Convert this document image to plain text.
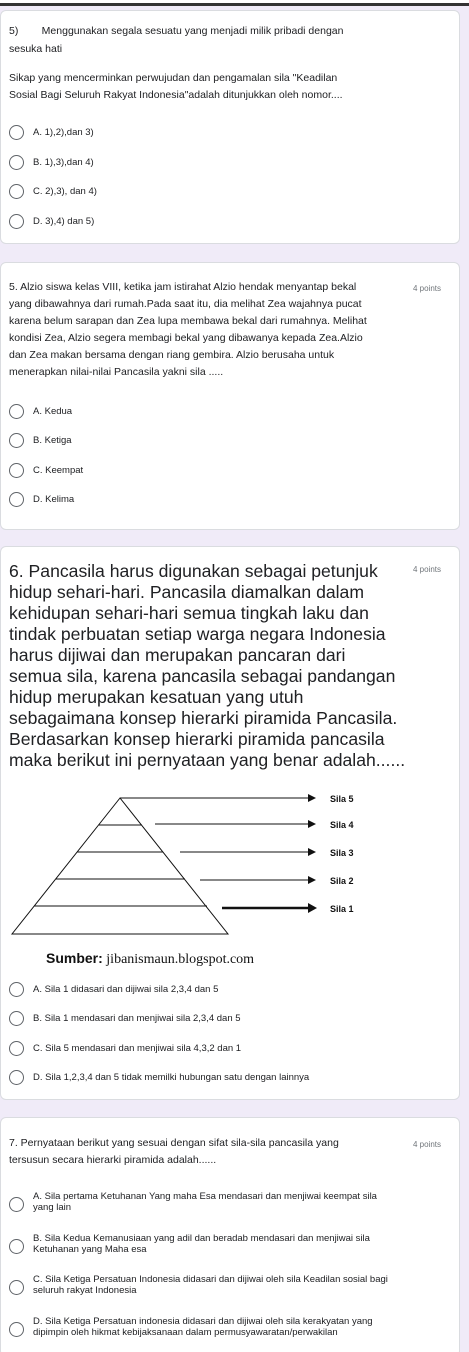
5)        Menggunakan segala sesuatu yang menjadi milik pribadi dengan
sesuka hati
Sikap yang mencerminkan perwujudan dan pengamalan sila "Keadilan
Sosial Bagi Seluruh Rakyat Indonesia"adalah ditunjukkan oleh nomor....
A. 1),2),dan 3)
B. 1),3),dan 4)
C. 2),3), dan 4)
D. 3),4) dan 5)
5. Alzio siswa kelas VIII, ketika jam istirahat Alzio hendak menyantap bekal
yang dibawahnya dari rumah.Pada saat itu, dia melihat Zea wajahnya pucat
karena belum sarapan dan Zea lupa membawa bekal dari rumahnya. Melihat
kondisi Zea, Alzio segera membagi bekal yang dibawanya kepada Zea.Alzio
dan Zea makan bersama dengan riang gembira. Alzio berusaha untuk
menerapkan nilai-nilai Pancasila yakni sila .....
4 points
A. Kedua
B. Ketiga
C. Keempat
D. Kelima
6. Pancasila harus digunakan sebagai petunjuk
hidup sehari-hari. Pancasila diamalkan dalam
kehidupan sehari-hari semua tingkah laku dan
tindak perbuatan setiap warga negara Indonesia
harus dijiwai dan merupakan pancaran dari
semua sila, karena pancasila sebagai pandangan
hidup merupakan kesatuan yang utuh
sebagaimana konsep hierarki piramida Pancasila.
Berdasarkan konsep hierarki piramida pancasila
maka berikut ini pernyataan yang benar adalah......
4 points
A. Sila 1 didasari dan dijiwai sila 2,3,4 dan 5
B. Sila 1 mendasari dan menjiwai sila 2,3,4 dan 5
C. Sila 5 mendasari dan menjiwai sila 4,3,2 dan 1
D. Sila 1,2,3,4 dan 5 tidak memilki hubungan satu dengan lainnya
Sila 5
Sila 4
Sila 3
Sila 2
Sila 1
Sumber: jibanismaun.blogspot.com
7. Pernyataan berikut yang sesuai dengan sifat sila-sila pancasila yang
tersusun secara hierarki piramida adalah......
4 points
A. Sila pertama Ketuhanan Yang maha Esa mendasari dan menjiwai keempat sila
yang lain
B. Sila Kedua Kemanusiaan yang adil dan beradab mendasari dan menjiwai sila
Ketuhanan yang Maha esa
C. Sila Ketiga Persatuan Indonesia didasari dan dijiwai oleh sila Keadilan sosial bagi
seluruh rakyat Indonesia
D. Sila Ketiga Persatuan indonesia didasari dan dijiwai oleh sila kerakyatan yang
dipimpin oleh hikmat kebijaksanaan dalam permusyawaratan/perwakilan
